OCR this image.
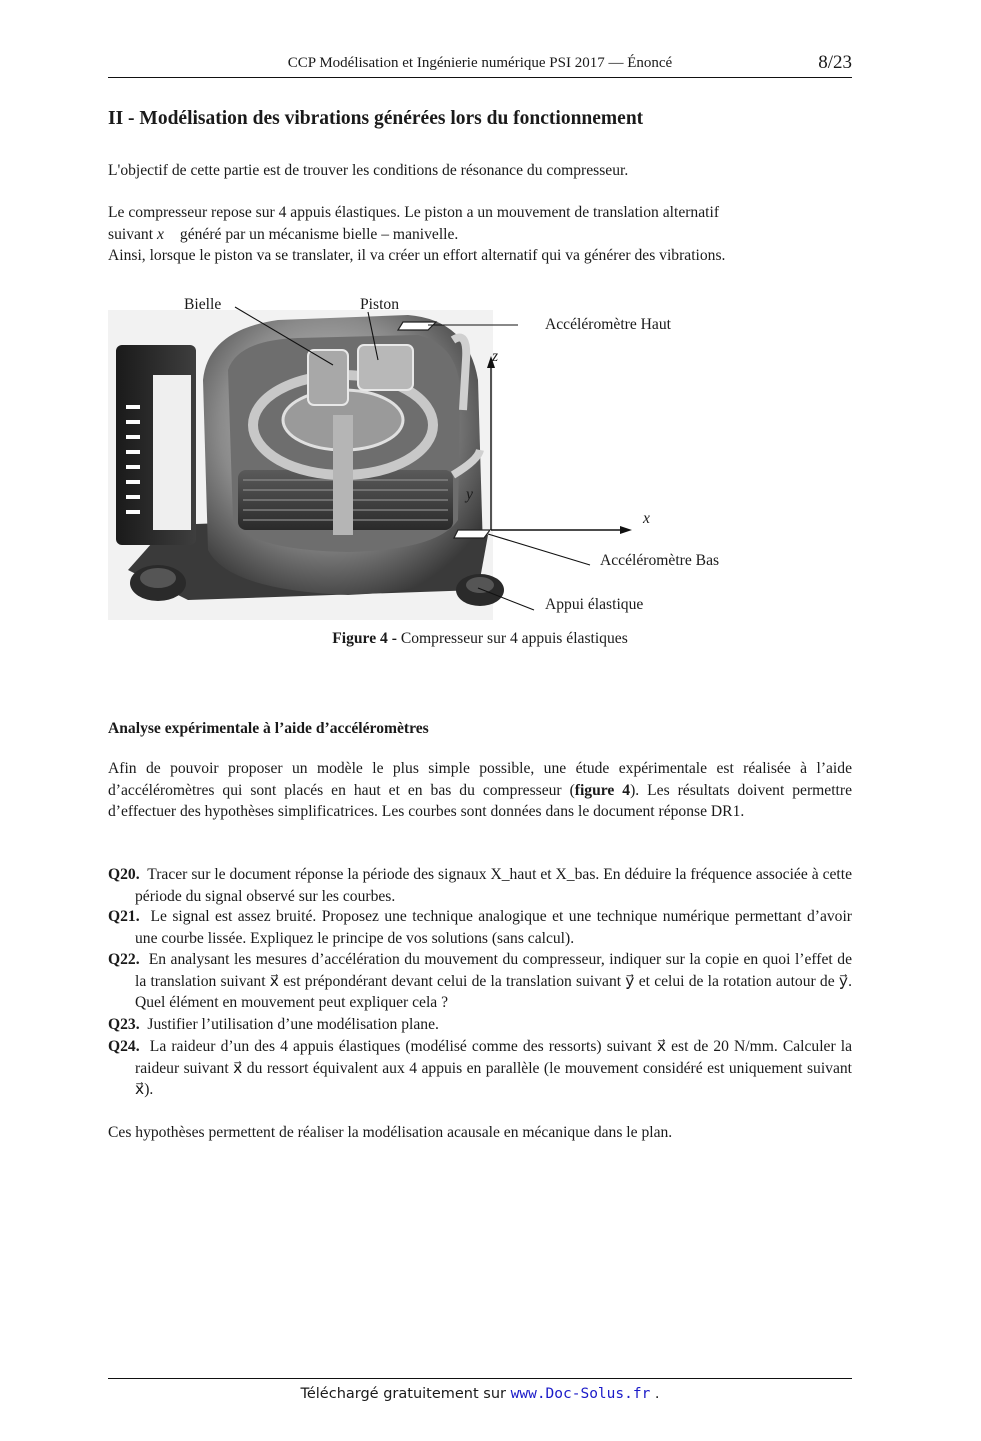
CCP Modélisation et Ingénierie numérique PSI 2017 — Énoncé	8/23
II - Modélisation des vibrations générées lors du fonctionnement
L'objectif de cette partie est de trouver les conditions de résonance du compresseur.
Le compresseur repose sur 4 appuis élastiques. Le piston a un mouvement de translation alternatif
suivant x⃗ généré par un mécanisme bielle – manivelle.
Ainsi, lorsque le piston va se translater, il va créer un effort alternatif qui va générer des vibrations.
Bielle	Piston
Accéléromètre Haut
Accéléromètre Bas
Appui élastique
z⃗
y⃗
x⃗
Figure 4 - Compresseur sur 4 appuis élastiques
Analyse expérimentale à l’aide d’accéléromètres
Afin de pouvoir proposer un modèle le plus simple possible, une étude expérimentale est réalisée à l’aide d’accéléromètres qui sont placés en haut et en bas du compresseur (figure 4). Les résultats doivent permettre d’effectuer des hypothèses simplificatrices. Les courbes sont données dans le document réponse DR1.
Q20. Tracer sur le document réponse la période des signaux X_haut et X_bas. En déduire la fréquence associée à cette période du signal observé sur les courbes.
Q21. Le signal est assez bruité. Proposez une technique analogique et une technique numérique permettant d’avoir une courbe lissée. Expliquez le principe de vos solutions (sans calcul).
Q22. En analysant les mesures d’accélération du mouvement du compresseur, indiquer sur la copie en quoi l’effet de la translation suivant x⃗ est prépondérant devant celui de la translation suivant y⃗ et celui de la rotation autour de y⃗. Quel élément en mouvement peut expliquer cela ?
Q23. Justifier l’utilisation d’une modélisation plane.
Q24. La raideur d’un des 4 appuis élastiques (modélisé comme des ressorts) suivant x⃗ est de 20 N/mm. Calculer la raideur suivant x⃗ du ressort équivalent aux 4 appuis en parallèle (le mouvement considéré est uniquement suivant x⃗).
Ces hypothèses permettent de réaliser la modélisation acausale en mécanique dans le plan.
Téléchargé gratuitement sur www.Doc-Solus.fr .
